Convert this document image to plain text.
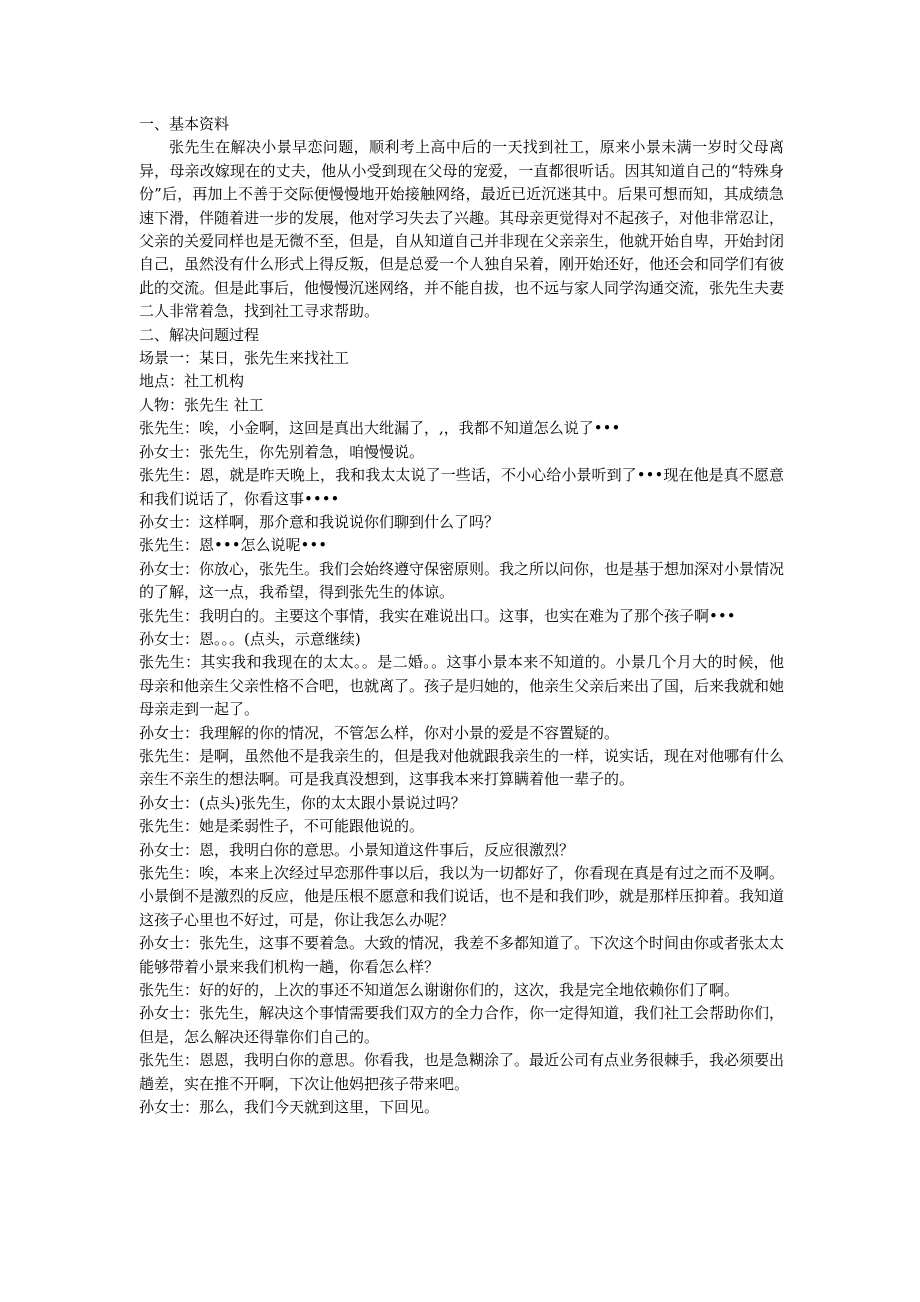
一、基本资料

张先生在解决小景早恋问题，顺利考上高中后的一天找到社工，原来小景未满一岁时父母离异，母亲改嫁现在的丈夫，他从小受到现在父母的宠爱，一直都很听话。因其知道自己的“特殊身份”后，再加上不善于交际便慢慢地开始接触网络，最近已近沉迷其中。后果可想而知，其成绩急速下滑，伴随着进一步的发展，他对学习失去了兴趣。其母亲更觉得对不起孩子，对他非常忍让，父亲的关爱同样也是无微不至，但是，自从知道自己并非现在父亲亲生，他就开始自卑，开始封闭自己，虽然没有什么形式上得反叛，但是总爱一个人独自呆着，刚开始还好，他还会和同学们有彼此的交流。但是此事后，他慢慢沉迷网络，并不能自拔，也不远与家人同学沟通交流，张先生夫妻二人非常着急，找到社工寻求帮助。

二、解决问题过程

场景一：某日，张先生来找社工

地点：社工机构

人物：张先生 社工

张先生：唉，小金啊，这回是真出大纰漏了，,，我都不知道怎么说了•••

孙女士：张先生，你先别着急，咱慢慢说。

张先生：恩，就是昨天晚上，我和我太太说了一些话，不小心给小景听到了•••现在他是真不愿意和我们说话了，你看这事••••

孙女士：这样啊，那介意和我说说你们聊到什么了吗？

张先生：恩•••怎么说呢•••

孙女士：你放心，张先生。我们会始终遵守保密原则。我之所以问你，也是基于想加深对小景情况的了解，这一点，我希望，得到张先生的体谅。

张先生：我明白的。主要这个事情，我实在难说出口。这事，也实在难为了那个孩子啊•••

孙女士：恩。。。(点头，示意继续)

张先生：其实我和我现在的太太。。是二婚。。这事小景本来不知道的。小景几个月大的时候，他 母亲和他亲生父亲性格不合吧，也就离了。孩子是归她的，他亲生父亲后来出了国，后来我就和她母亲走到一起了。

孙女士：我理解的你的情况，不管怎么样，你对小景的爱是不容置疑的。

张先生：是啊，虽然他不是我亲生的，但是我对他就跟我亲生的一样，说实话，现在对他哪有什么亲生不亲生的想法啊。可是我真没想到，这事我本来打算瞒着他一辈子的。

孙女士：(点头)张先生，你的太太跟小景说过吗？

张先生：她是柔弱性子，不可能跟他说的。

孙女士：恩，我明白你的意思。小景知道这件事后，反应很激烈？

张先生：唉，本来上次经过早恋那件事以后，我以为一切都好了，你看现在真是有过之而不及啊。小景倒不是激烈的反应，他是压根不愿意和我们说话，也不是和我们吵，就是那样压抑着。我知道这孩子心里也不好过，可是，你让我怎么办呢？

孙女士：张先生，这事不要着急。大致的情况，我差不多都知道了。下次这个时间由你或者张太太能够带着小景来我们机构一趟，你看怎么样？

张先生：好的好的，上次的事还不知道怎么谢谢你们的，这次，我是完全地依赖你们了啊。

孙女士：张先生，解决这个事情需要我们双方的全力合作，你一定得知道，我们社工会帮助你们，但是，怎么解决还得靠你们自己的。

张先生：恩恩，我明白你的意思。你看我，也是急糊涂了。最近公司有点业务很棘手，我必须要出趟差，实在推不开啊，下次让他妈把孩子带来吧。

孙女士：那么，我们今天就到这里，下回见。
